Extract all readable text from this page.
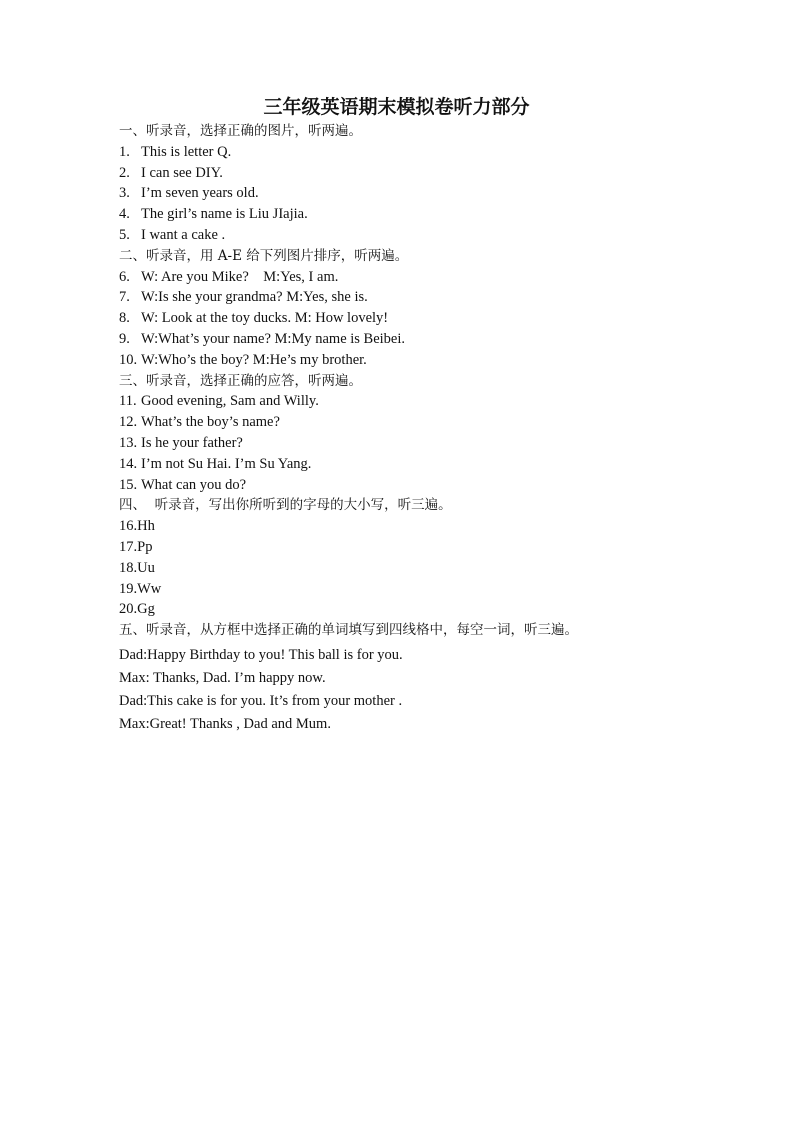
三年级英语期末模拟卷听力部分
一、听录音，选择正确的图片，听两遍。
1. This is letter Q.
2. I can see DIY.
3. I’m seven years old.
4. The girl’s name is Liu JIajia.
5. I want a cake .
二、听录音，用 A-E 给下列图片排序，听两遍。
6. W: Are you Mike?    M:Yes, I am.
7. W:Is she your grandma? M:Yes, she is.
8. W: Look at the toy ducks. M: How lovely!
9. W:What’s your name? M:My name is Beibei.
10. W:Who’s the boy? M:He’s my brother.
三、听录音，选择正确的应答，听两遍。
11. Good evening, Sam and Willy.
12. What’s the boy’s name?
13. Is he your father?
14. I’m not Su Hai. I’m Su Yang.
15. What can you do?
四、  听录音，写出你所听到的字母的大小写，听三遍。
16.Hh
17.Pp
18.Uu
19.Ww
20.Gg
五、听录音，从方框中选择正确的单词填写到四线格中，每空一词，听三遍。
Dad:Happy Birthday to you! This ball is for you.
Max: Thanks, Dad. I’m happy now.
Dad:This cake is for you. It’s from your mother .
Max:Great! Thanks , Dad and Mum.
